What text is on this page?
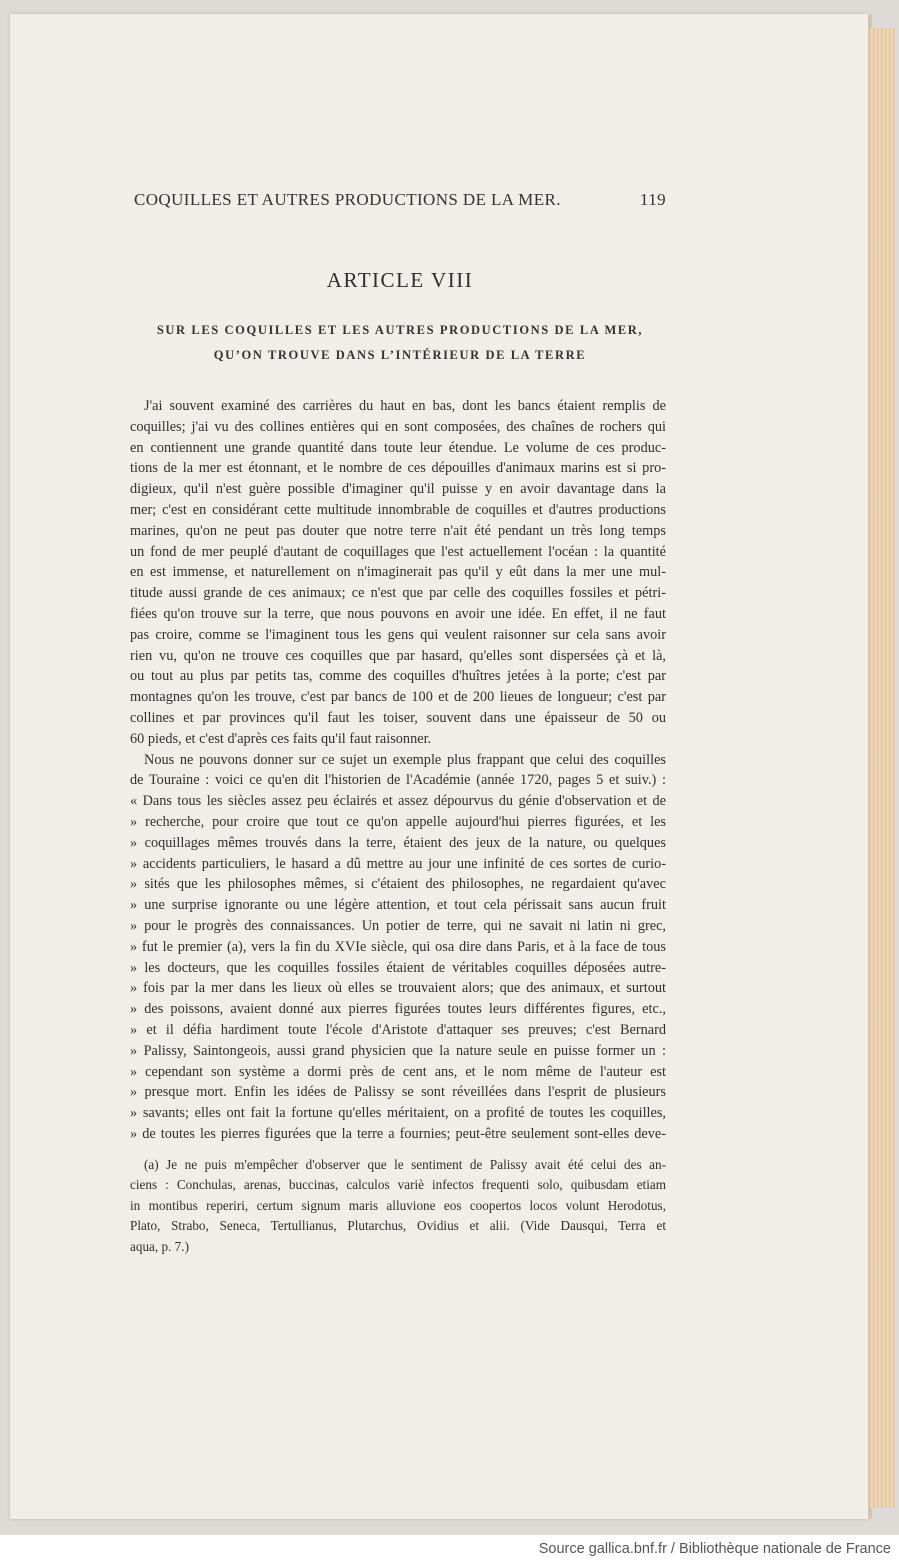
COQUILLES ET AUTRES PRODUCTIONS DE LA MER.	119
ARTICLE VIII
SUR LES COQUILLES ET LES AUTRES PRODUCTIONS DE LA MER,
QU’ON TROUVE DANS L’INTÉRIEUR DE LA TERRE
J'ai souvent examiné des carrières du haut en bas, dont les bancs étaient remplis de
coquilles; j'ai vu des collines entières qui en sont composées, des chaînes de rochers qui
en contiennent une grande quantité dans toute leur étendue. Le volume de ces produc-
tions de la mer est étonnant, et le nombre de ces dépouilles d'animaux marins est si pro-
digieux, qu'il n'est guère possible d'imaginer qu'il puisse y en avoir davantage dans la
mer; c'est en considérant cette multitude innombrable de coquilles et d'autres productions
marines, qu'on ne peut pas douter que notre terre n'ait été pendant un très long temps
un fond de mer peuplé d'autant de coquillages que l'est actuellement l'océan : la quantité
en est immense, et naturellement on n'imaginerait pas qu'il y eût dans la mer une mul-
titude aussi grande de ces animaux; ce n'est que par celle des coquilles fossiles et pétri-
fiées qu'on trouve sur la terre, que nous pouvons en avoir une idée. En effet, il ne faut
pas croire, comme se l'imaginent tous les gens qui veulent raisonner sur cela sans avoir
rien vu, qu'on ne trouve ces coquilles que par hasard, qu'elles sont dispersées çà et là,
ou tout au plus par petits tas, comme des coquilles d'huîtres jetées à la porte; c'est par
montagnes qu'on les trouve, c'est par bancs de 100 et de 200 lieues de longueur; c'est par
collines et par provinces qu'il faut les toiser, souvent dans une épaisseur de 50 ou
60 pieds, et c'est d'après ces faits qu'il faut raisonner.
Nous ne pouvons donner sur ce sujet un exemple plus frappant que celui des coquilles
de Touraine : voici ce qu'en dit l'historien de l'Académie (année 1720, pages 5 et suiv.) :
« Dans tous les siècles assez peu éclairés et assez dépourvus du génie d'observation et de
» recherche, pour croire que tout ce qu'on appelle aujourd'hui pierres figurées, et les
» coquillages mêmes trouvés dans la terre, étaient des jeux de la nature, ou quelques
» accidents particuliers, le hasard a dû mettre au jour une infinité de ces sortes de curio-
» sités que les philosophes mêmes, si c'étaient des philosophes, ne regardaient qu'avec
» une surprise ignorante ou une légère attention, et tout cela périssait sans aucun fruit
» pour le progrès des connaissances. Un potier de terre, qui ne savait ni latin ni grec,
» fut le premier (a), vers la fin du XVIe siècle, qui osa dire dans Paris, et à la face de tous
» les docteurs, que les coquilles fossiles étaient de véritables coquilles déposées autre-
» fois par la mer dans les lieux où elles se trouvaient alors; que des animaux, et surtout
» des poissons, avaient donné aux pierres figurées toutes leurs différentes figures, etc.,
» et il défia hardiment toute l'école d'Aristote d'attaquer ses preuves; c'est Bernard
» Palissy, Saintongeois, aussi grand physicien que la nature seule en puisse former un :
» cependant son système a dormi près de cent ans, et le nom même de l'auteur est
» presque mort. Enfin les idées de Palissy se sont réveillées dans l'esprit de plusieurs
» savants; elles ont fait la fortune qu'elles méritaient, on a profité de toutes les coquilles,
» de toutes les pierres figurées que la terre a fournies; peut-être seulement sont-elles deve-
(a) Je ne puis m'empêcher d'observer que le sentiment de Palissy avait été celui des an-
ciens : Conchulas, arenas, buccinas, calculos variè infectos frequenti solo, quibusdam etiam
in montibus reperiri, certum signum maris alluvione eos coopertos locos volunt Herodotus,
Plato, Strabo, Seneca, Tertullianus, Plutarchus, Ovidius et alii. (Vide Dausqui, Terra et
aqua, p. 7.)
Source gallica.bnf.fr / Bibliothèque nationale de France
